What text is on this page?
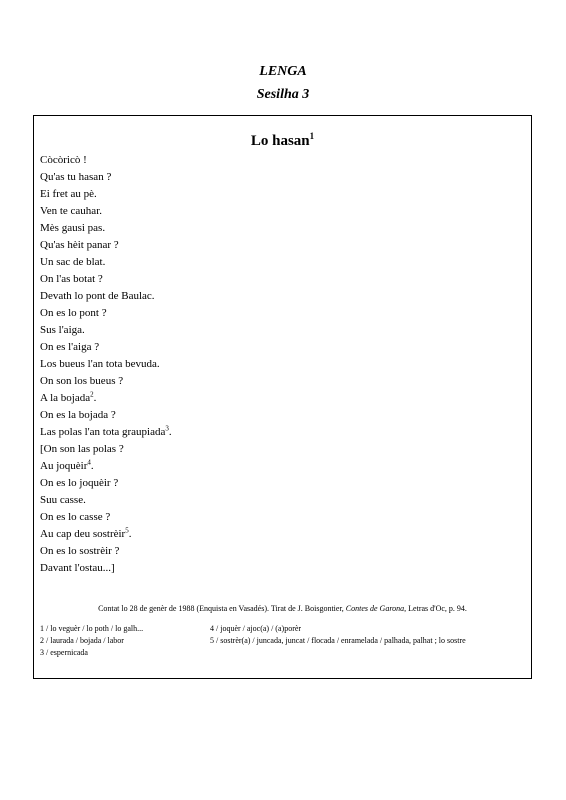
LENGA
Sesilha 3
Lo hasan$^1$
Còcòricò !
Qu'as tu hasan ?
Ei fret au pè.
Ven te cauhar.
Mès gausi pas.
Qu'as hèit panar ?
Un sac de blat.
On l'as botat ?
Devath lo pont de Baulac.
On es lo pont ?
Sus l'aiga.
On es l'aiga ?
Los bueus l'an tota bevuda.
On son los bueus ?
A la bojada$^2$.
On es la bojada ?
Las polas l'an tota graupiada$^3$.
[On son las polas ?
Au joquèir$^4$.
On es lo joquèir ?
Suu casse.
On es lo casse ?
Au cap deu sostrèir$^5$.
On es lo sostrèir ?
Davant l'ostau...]
Contat lo 28 de genèr de 1988 (Enquista en Vasadés). Tirat de J. Boisgontier, Contes de Garona, Letras d'Oc, p. 94.
1 / lo veguèr / lo poth / lo galh...
2 / laurada / bojada / labor
3 / espernicada
4 / joquèr / ajoc(a) / (a)porèr
5 / sostrèr(a) / juncada, juncat / flocada / enramelada / palhada, palhat ; lo sostre
